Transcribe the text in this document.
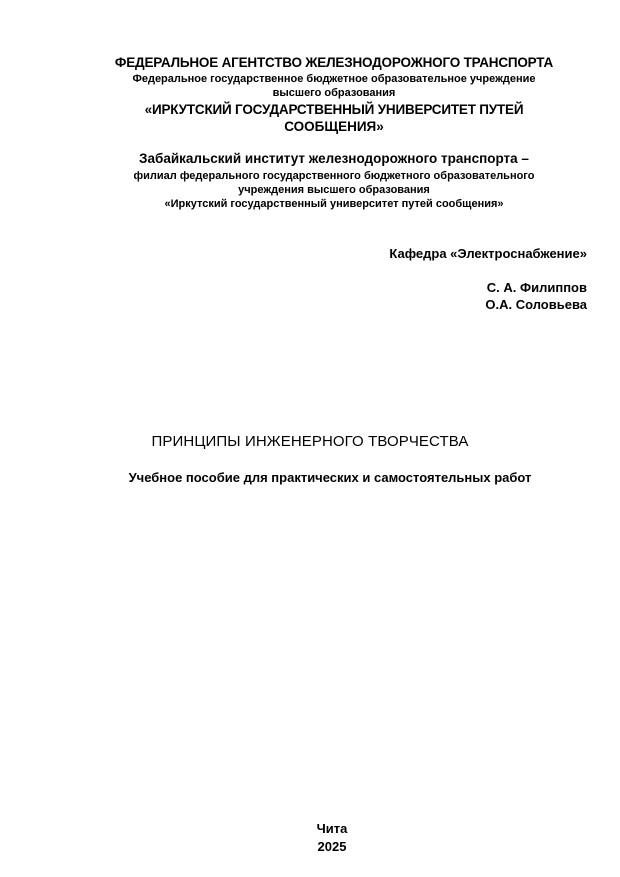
ФЕДЕРАЛЬНОЕ АГЕНТСТВО ЖЕЛЕЗНОДОРОЖНОГО ТРАНСПОРТА
Федеральное государственное бюджетное образовательное учреждение
высшего образования
«ИРКУТСКИЙ ГОСУДАРСТВЕННЫЙ УНИВЕРСИТЕТ ПУТЕЙ
СООБЩЕНИЯ»
Забайкальский институт железнодорожного транспорта –
филиал федерального государственного бюджетного образовательного
учреждения высшего образования
«Иркутский государственный университет путей сообщения»
Кафедра «Электроснабжение»
С. А. Филиппов
О.А. Соловьева
ПРИНЦИПЫ ИНЖЕНЕРНОГО ТВОРЧЕСТВА
Учебное пособие для практических и самостоятельных работ
Чита
2025
